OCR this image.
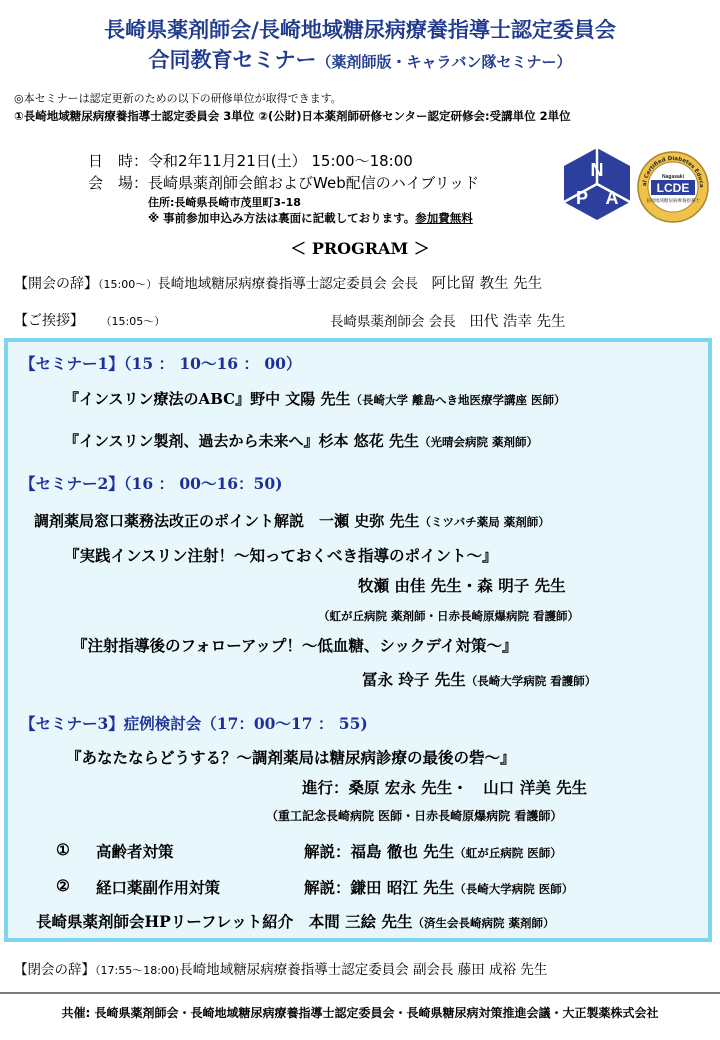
長崎県薬剤師会/長崎地域糖尿病療養指導士認定委員会
合同教育セミナー（薬剤師版・キャラバン隊セミナー）
◎本セミナーは認定更新のための以下の研修単位が取得できます。
①長崎地域糖尿病療養指導士認定委員会 3単位 ②(公財)日本薬剤師研修センター認定研修会:受講単位 2単位
日　時：令和2年11月21日(土） 15:00～18:00
会　場：長崎県薬剤師会館およびWeb配信のハイブリッド
住所:長崎県長崎市茂里町3-18
※ 事前参加申込み方法は裏面に記載しております。参加費無料
N
P A
al Certified Diabetes Educa
LCDE
Nagasaki
長崎地域糖尿病療養指導士
＜ PROGRAM ＞
【開会の辞】（15:00～）長崎地域糖尿病療養指導士認定委員会 会長　阿比留 教生 先生
【ご挨拶】 （15:05～）	長崎県薬剤師会 会長　田代 浩幸 先生
【セミナー1】（15 ： 10～16 ： 00）
『インスリン療法のABC』野中 文陽 先生（長崎大学 離島へき地医療学講座 医師）
『インスリン製剤、過去から未来へ』杉本 悠花 先生（光晴会病院 薬剤師）
【セミナー2】（16 ： 00～16：50)
調剤薬局窓口薬務法改正のポイント解説　一瀬 史弥 先生（ミツバチ薬局 薬剤師）
『実践インスリン注射！～知っておくべき指導のポイント～』
牧瀬 由佳 先生・森 明子 先生
（虹が丘病院 薬剤師・日赤長崎原爆病院 看護師）
『注射指導後のフォローアップ！～低血糖、シックデイ対策～』
冨永 玲子 先生（長崎大学病院 看護師）
【セミナー3】症例検討会（17：00～17 ： 55)
『あなたならどうする？～調剤薬局は糖尿病診療の最後の砦～』
進行：桑原 宏永 先生・　山口 洋美 先生
（重工記念長崎病院 医師・日赤長崎原爆病院 看護師）
① 高齢者対策	解説：福島 徹也 先生（虹が丘病院 医師）
② 経口薬副作用対策	解説：鎌田 昭江 先生（長崎大学病院 医師）
長崎県薬剤師会HPリーフレット紹介　本間 三絵 先生（済生会長崎病院 薬剤師）
【閉会の辞】（17:55～18:00)長崎地域糖尿病療養指導士認定委員会 副会長 藤田 成裕 先生
共催: 長崎県薬剤師会・長崎地域糖尿病療養指導士認定委員会・長崎県糖尿病対策推進会議・大正製薬株式会社
